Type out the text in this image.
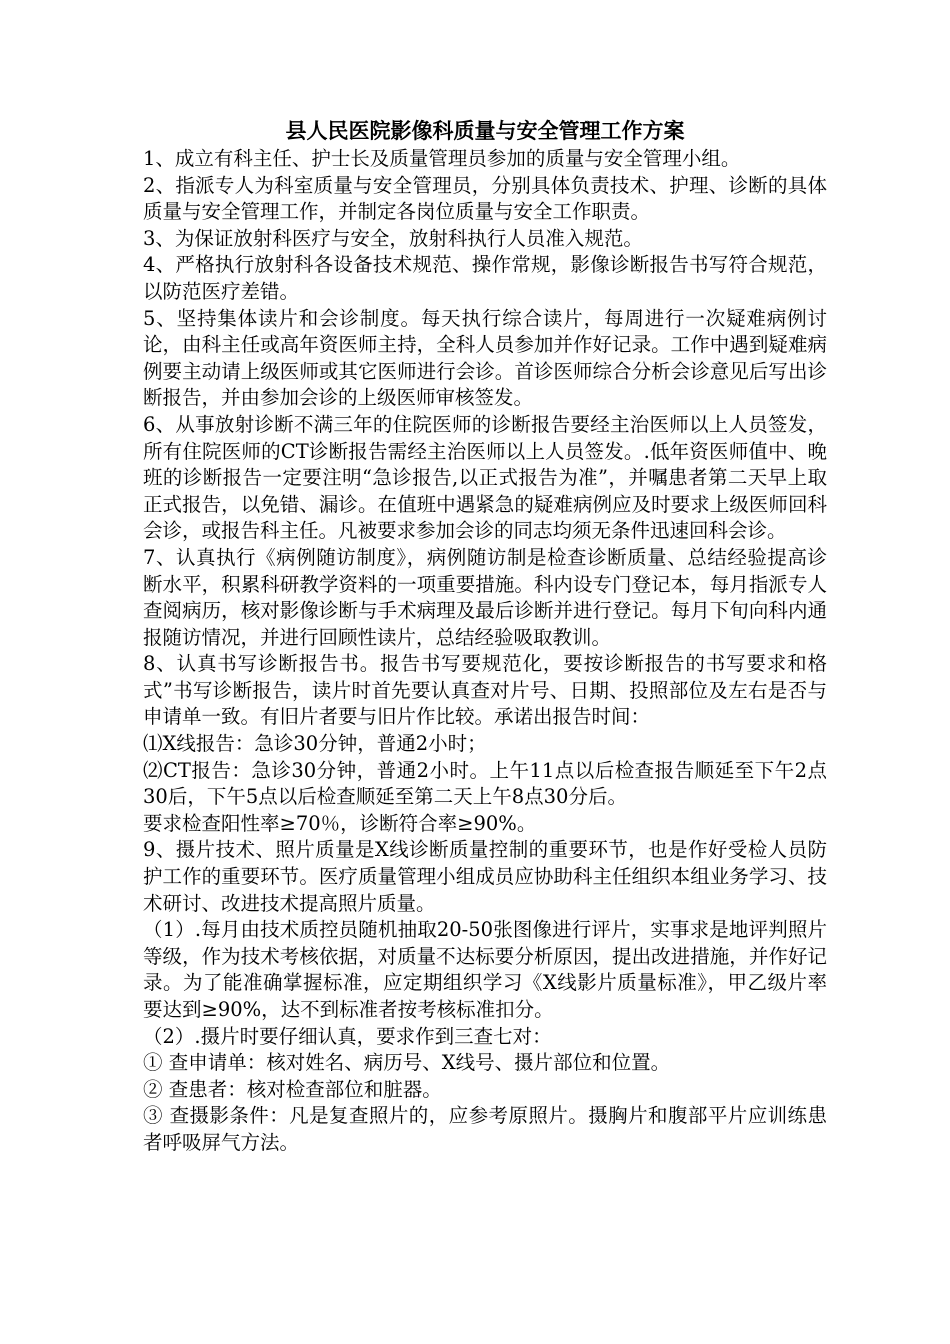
县人民医院影像科质量与安全管理工作方案

1、成立有科主任、护士长及质量管理员参加的质量与安全管理小组。

2、指派专人为科室质量与安全管理员，分别具体负责技术、护理、诊断的具体质量与安全管理工作，并制定各岗位质量与安全工作职责。

3、为保证放射科医疗与安全，放射科执行人员准入规范。

4、严格执行放射科各设备技术规范、操作常规，影像诊断报告书写符合规范，以防范医疗差错。

5、坚持集体读片和会诊制度。每天执行综合读片，每周进行一次疑难病例讨论，由科主任或高年资医师主持，全科人员参加并作好记录。工作中遇到疑难病例要主动请上级医师或其它医师进行会诊。首诊医师综合分析会诊意见后写出诊断报告，并由参加会诊的上级医师审核签发。

6、从事放射诊断不满三年的住院医师的诊断报告要经主治医师以上人员签发，所有住院医师的CT诊断报告需经主治医师以上人员签发。.低年资医师值中、晚班的诊断报告一定要注明“急诊报告,以正式报告为准”，并嘱患者第二天早上取正式报告，以免错、漏诊。在值班中遇紧急的疑难病例应及时要求上级医师回科会诊，或报告科主任。凡被要求参加会诊的同志均须无条件迅速回科会诊。

7、认真执行《病例随访制度》，病例随访制是检查诊断质量、总结经验提高诊断水平，积累科研教学资料的一项重要措施。科内设专门登记本，每月指派专人查阅病历，核对影像诊断与手术病理及最后诊断并进行登记。每月下旬向科内通报随访情况，并进行回顾性读片，总结经验吸取教训。

8、认真书写诊断报告书。报告书写要规范化，要按诊断报告的书写要求和格式”书写诊断报告，读片时首先要认真查对片号、日期、投照部位及左右是否与申请单一致。有旧片者要与旧片作比较。承诺出报告时间：

⑴X线报告：急诊30分钟，普通2小时；

⑵CT报告：急诊30分钟，普通2小时。上午11点以后检查报告顺延至下午2点30后，下午5点以后检查顺延至第二天上午8点30分后。

要求检查阳性率≥70％，诊断符合率≥90%。

9、摄片技术、照片质量是X线诊断质量控制的重要环节，也是作好受检人员防护工作的重要环节。医疗质量管理小组成员应协助科主任组织本组业务学习、技术研讨、改进技术提高照片质量。

（1）.每月由技术质控员随机抽取20-50张图像进行评片，实事求是地评判照片等级，作为技术考核依据，对质量不达标要分析原因，提出改进措施，并作好记录。为了能准确掌握标准，应定期组织学习《X线影片质量标准》，甲乙级片率要达到≥90%，达不到标准者按考核标准扣分。

（2）.摄片时要仔细认真，要求作到三查七对：

① 查申请单：核对姓名、病历号、X线号、摄片部位和位置。

② 查患者：核对检查部位和脏器。

③ 查摄影条件：凡是复查照片的，应参考原照片。摄胸片和腹部平片应训练患者呼吸屏气方法。
